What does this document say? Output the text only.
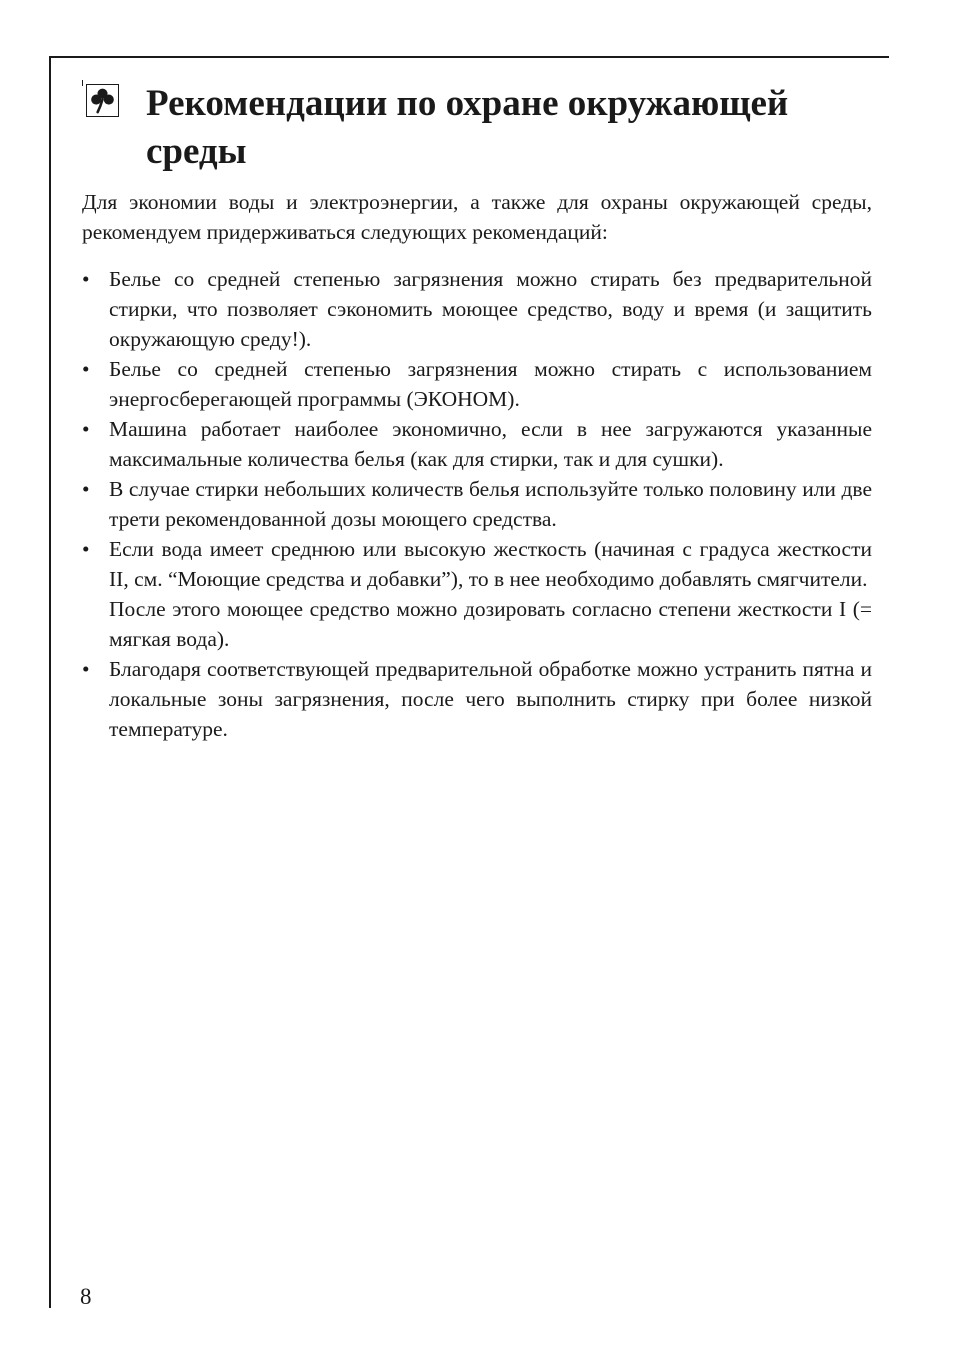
Рекомендации по охране окружающей среды

Для экономии воды и электроэнергии, а также для охраны окружающей среды, рекомендуем придерживаться следующих рекомендаций:

• Белье со средней степенью загрязнения можно стирать без предварительной стирки, что позволяет сэкономить моющее средство, воду и время (и защитить окружающую среду!).
• Белье со средней степенью загрязнения можно стирать с использованием энергосберегающей программы (ЭКОНОМ).
• Машина работает наиболее экономично, если в нее загружаются указанные максимальные количества белья (как для стирки, так и для сушки).
• В случае стирки небольших количеств белья используйте только половину или две трети рекомендованной дозы моющего средства.
• Если вода имеет среднюю или высокую жесткость (начиная с градуса жесткости II, см. “Моющие средства и добавки”), то в нее необходимо добавлять смягчители.
После этого моющее средство можно дозировать согласно степени жесткости I (= мягкая вода).
• Благодаря соответствующей предварительной обработке можно устранить пятна и локальные зоны загрязнения, после чего выполнить стирку при более низкой температуре.
8
